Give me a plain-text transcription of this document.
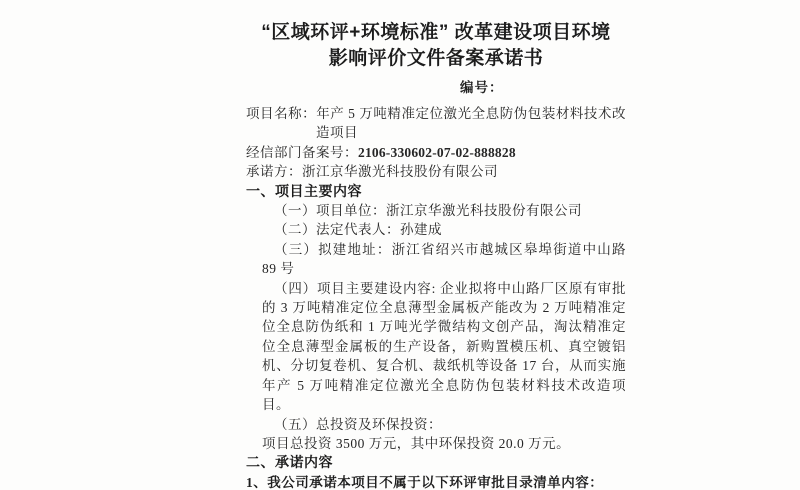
“区域环评+环境标准” 改革建设项目环境
影响评价文件备案承诺书
编号：

项目名称：年产 5 万吨精准定位激光全息防伪包装材料技术改造项目

经信部门备案号：2106-330602-07-02-888828

承诺方：浙江京华激光科技股份有限公司

一、项目主要内容

（一）项目单位：浙江京华激光科技股份有限公司

（二）法定代表人：孙建成

（三）拟建地址：浙江省绍兴市越城区皋埠街道中山路 89 号

（四）项目主要建设内容: 企业拟将中山路厂区原有审批的 3 万吨精准定位全息薄型金属板产能改为 2 万吨精准定位全息防伪纸和 1 万吨光学微结构文创产品，淘汰精准定位全息薄型金属板的生产设备，新购置模压机、真空镀铝机、分切复卷机、复合机、裁纸机等设备 17 台，从而实施年产 5 万吨精准定位激光全息防伪包装材料技术改造项目。

（五）总投资及环保投资：

项目总投资 3500 万元，其中环保投资 20.0 万元。

二、承诺内容

1、我公司承诺本项目不属于以下环评审批目录清单内容：
